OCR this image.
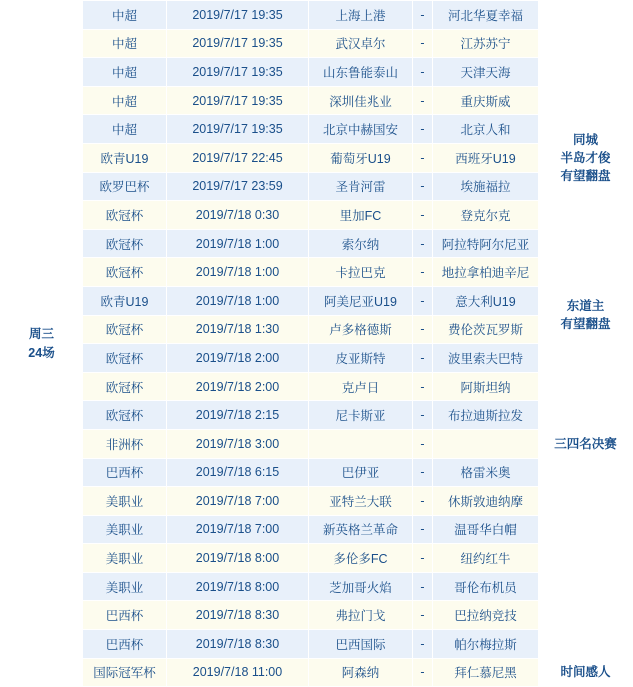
周三
24场	中超	2019/7/17 19:35	上海上港	-	河北华夏幸福	
	中超	2019/7/17 19:35	武汉卓尔	-	江苏苏宁	
	中超	2019/7/17 19:35	山东鲁能泰山	-	天津天海	
	中超	2019/7/17 19:35	深圳佳兆业	-	重庆斯威	
	中超	2019/7/17 19:35	北京中赫国安	-	北京人和	同城
半岛才俊
有望翻盘

	欧青U19	2019/7/17 22:45	葡萄牙U19	-	西班牙U19	
	欧罗巴杯	2019/7/17 23:59	圣肯河雷	-	埃施福拉	
	欧冠杯	2019/7/18 0:30	里加FC	-	登克尔克	
	欧冠杯	2019/7/18 1:00	索尔纳	-	阿拉特阿尔尼亚	
	欧冠杯	2019/7/18 1:00	卡拉巴克	-	地拉拿柏迪辛尼	
	欧青U19	2019/7/18 1:00	阿美尼亚U19	-	意大利U19	东道主
有望翻盘

	欧冠杯	2019/7/18 1:30	卢多格德斯	-	费伦茨瓦罗斯	
	欧冠杯	2019/7/18 2:00	皮亚斯特	-	波里索夫巴特	
	欧冠杯	2019/7/18 2:00	克卢日	-	阿斯坦纳	
	欧冠杯	2019/7/18 2:15	尼卡斯亚	-	布拉迪斯拉发	
	非洲杯	2019/7/18 3:00		-		三四名决赛

	巴西杯	2019/7/18 6:15	巴伊亚	-	格雷米奥	
	美职业	2019/7/18 7:00	亚特兰大联	-	休斯敦迪纳摩	
	美职业	2019/7/18 7:00	新英格兰革命	-	温哥华白帽	
	美职业	2019/7/18 8:00	多伦多FC	-	纽约红牛	
	美职业	2019/7/18 8:00	芝加哥火焰	-	哥伦布机员	
	巴西杯	2019/7/18 8:30	弗拉门戈	-	巴拉纳竞技	
	巴西杯	2019/7/18 8:30	巴西国际	-	帕尔梅拉斯	
	国际冠军杯	2019/7/18 11:00	阿森纳	-	拜仁慕尼黑	时间感人
